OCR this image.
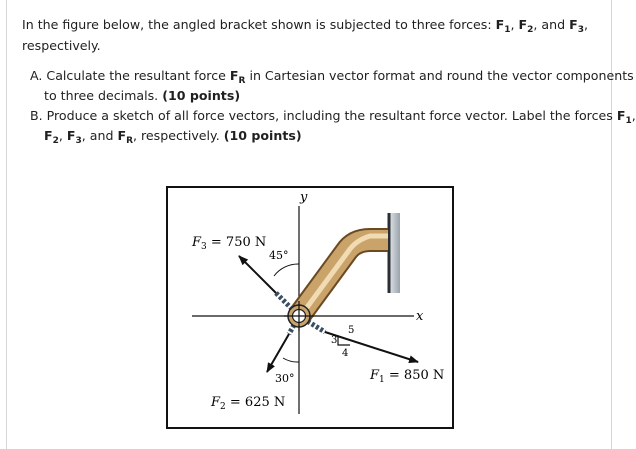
In the figure below, the angled bracket shown is subjected to three forces: $F_1$, $F_2$, and $F_3$,
respectively.
A. Calculate the resultant force $F_R$ in Cartesian vector format and round the vector components
to three decimals. (10 points)
B. Produce a sketch of all force vectors, including the resultant force vector. Label the forces $F_1$,
$F_2$, $F_3$, and $F_R$, respectively. (10 points)
y
x
$F_3 = 750$ N
45°
$F_2 = 625$ N
30°	$F_1 = 850$ N
5
3
4
